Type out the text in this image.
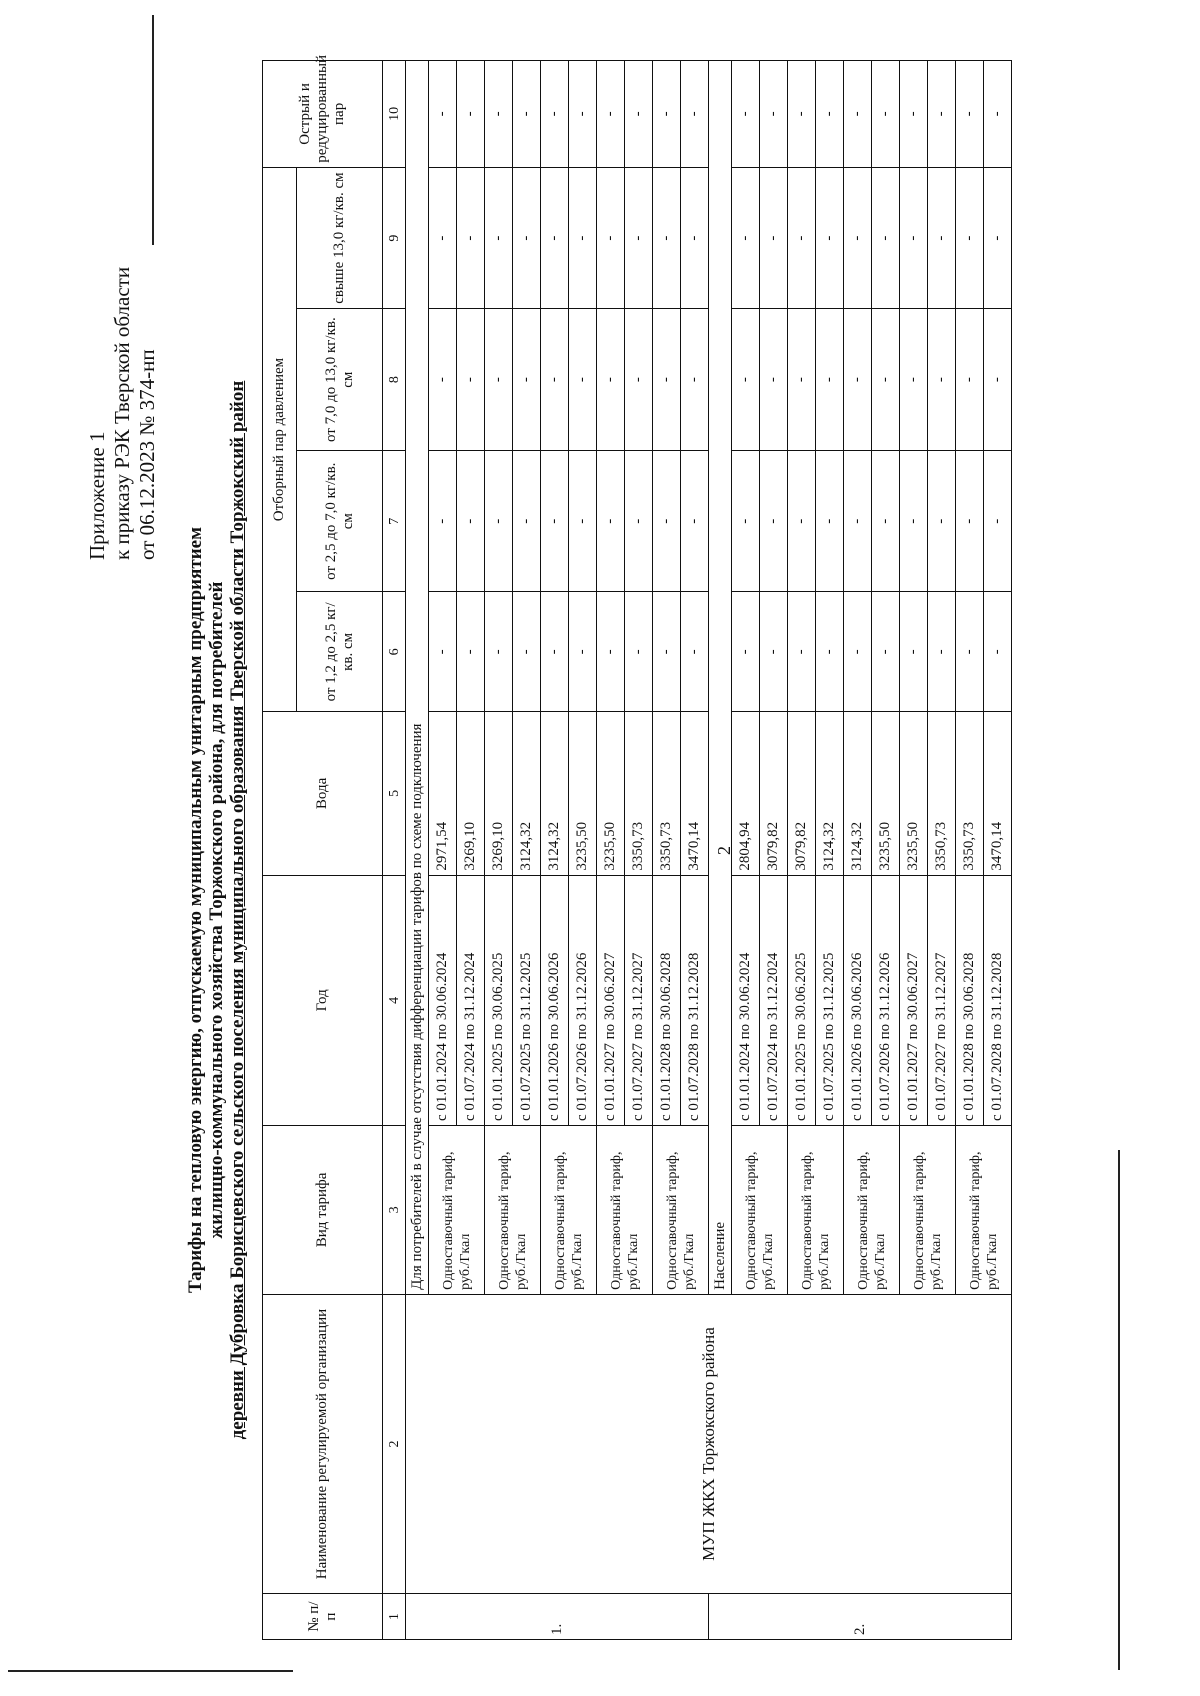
2
Приложение 1 к приказу РЭК Тверской области от 06.12.2023 № 374-нп
Тарифы на тепловую энергию, отпускаемую муниципальным унитарным предприятием жилищно-коммунального хозяйства Торжокского района, для потребителей деревни Дубровка Борисцевского сельского поселения муниципального образования Тверской области Торжокский район
№ п/п	Наименование регулируемой организации	Вид тарифа	Год	Вода	Отборный пар давлением				Острый и редуцированный пар
					от 1,2 до 2,5 кг/кв. см	от 2,5 до 7,0 кг/кв. см	от 7,0 до 13,0 кг/кв. см	свыше 13,0 кг/кв. см	
1	2	3	4	5	6	7	8	9	10
1.	МУП ЖКХ Торжокского района	Для потребителей в случае отсутствия дифференциации тарифов по схеме подключения							
		Одноставочный тариф, руб./Гкал	с 01.01.2024 по 30.06.2024	2971,54	-	-	-	-	-
			с 01.07.2024 по 31.12.2024	3269,10	-	-	-	-	-
		Одноставочный тариф, руб./Гкал	с 01.01.2025 по 30.06.2025	3269,10	-	-	-	-	-
			с 01.07.2025 по 31.12.2025	3124,32	-	-	-	-	-
		Одноставочный тариф, руб./Гкал	с 01.01.2026 по 30.06.2026	3124,32	-	-	-	-	-
			с 01.07.2026 по 31.12.2026	3235,50	-	-	-	-	-
		Одноставочный тариф, руб./Гкал	с 01.01.2027 по 30.06.2027	3235,50	-	-	-	-	-
			с 01.07.2027 по 31.12.2027	3350,73	-	-	-	-	-
		Одноставочный тариф, руб./Гкал	с 01.01.2028 по 30.06.2028	3350,73	-	-	-	-	-
			с 01.07.2028 по 31.12.2028	3470,14	-	-	-	-	-
2.		Население							
		Одноставочный тариф, руб./Гкал	с 01.01.2024 по 30.06.2024	2804,94	-	-	-	-	-
			с 01.07.2024 по 31.12.2024	3079,82	-	-	-	-	-
		Одноставочный тариф, руб./Гкал	с 01.01.2025 по 30.06.2025	3079,82	-	-	-	-	-
			с 01.07.2025 по 31.12.2025	3124,32	-	-	-	-	-
		Одноставочный тариф, руб./Гкал	с 01.01.2026 по 30.06.2026	3124,32	-	-	-	-	-
			с 01.07.2026 по 31.12.2026	3235,50	-	-	-	-	-
		Одноставочный тариф, руб./Гкал	с 01.01.2027 по 30.06.2027	3235,50	-	-	-	-	-
			с 01.07.2027 по 31.12.2027	3350,73	-	-	-	-	-
		Одноставочный тариф, руб./Гкал	с 01.01.2028 по 30.06.2028	3350,73	-	-	-	-	-
			с 01.07.2028 по 31.12.2028	3470,14	-	-	-	-	-
